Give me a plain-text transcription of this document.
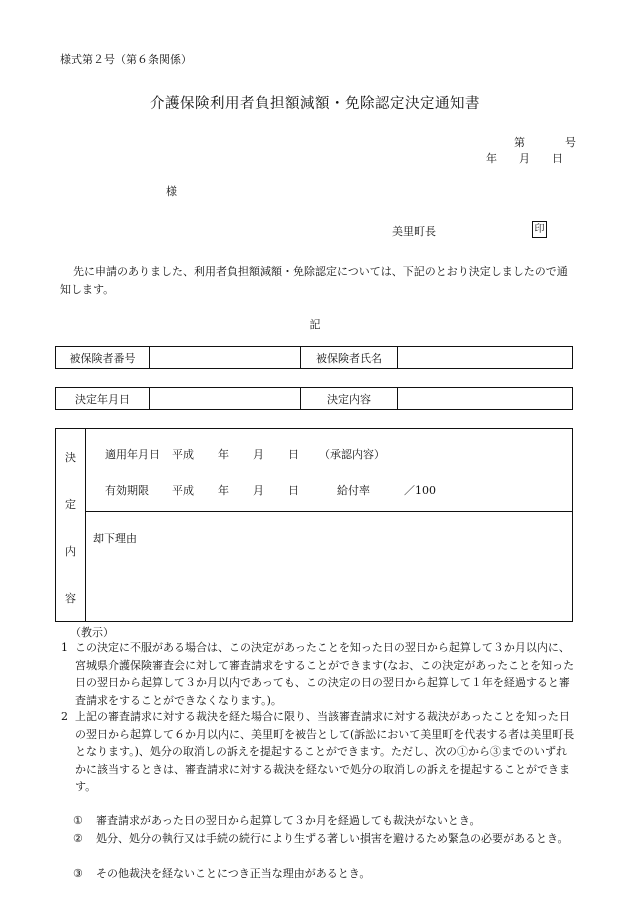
様式第２号（第６条関係）
介護保険利用者負担額減額・免除認定決定通知書
第	号
年 月 日
様
美里町長	印
先に申請のありました、利用者負担額減額・免除認定については、下記のとおり決定しましたので通知します。
記
被保険者番号		被保険者氏名	
決定年月日		決定内容	
決
定
内
容
適用年月日 平成 年 月 日 （承認内容）
有効期限 平成 年 月 日	給付率	／100
却下理由
（教示）
1 この決定に不服がある場合は、この決定があったことを知った日の翌日から起算して３か月以内に、宮城県介護保険審査会に対して審査請求をすることができます(なお、この決定があったことを知った日の翌日から起算して３か月以内であっても、この決定の日の翌日から起算して１年を経過すると審査請求をすることができなくなります。)。
2 上記の審査請求に対する裁決を経た場合に限り、当該審査請求に対する裁決があったことを知った日の翌日から起算して６か月以内に、美里町を被告として(訴訟において美里町を代表する者は美里町長となります。)、処分の取消しの訴えを提起することができます。ただし、次の①から③までのいずれかに該当するときは、審査請求に対する裁決を経ないで処分の取消しの訴えを提起することができます。
① 審査請求があった日の翌日から起算して３か月を経過しても裁決がないとき。
② 処分、処分の執行又は手続の続行により生ずる著しい損害を避けるため緊急の必要があるとき。
③ その他裁決を経ないことにつき正当な理由があるとき。
